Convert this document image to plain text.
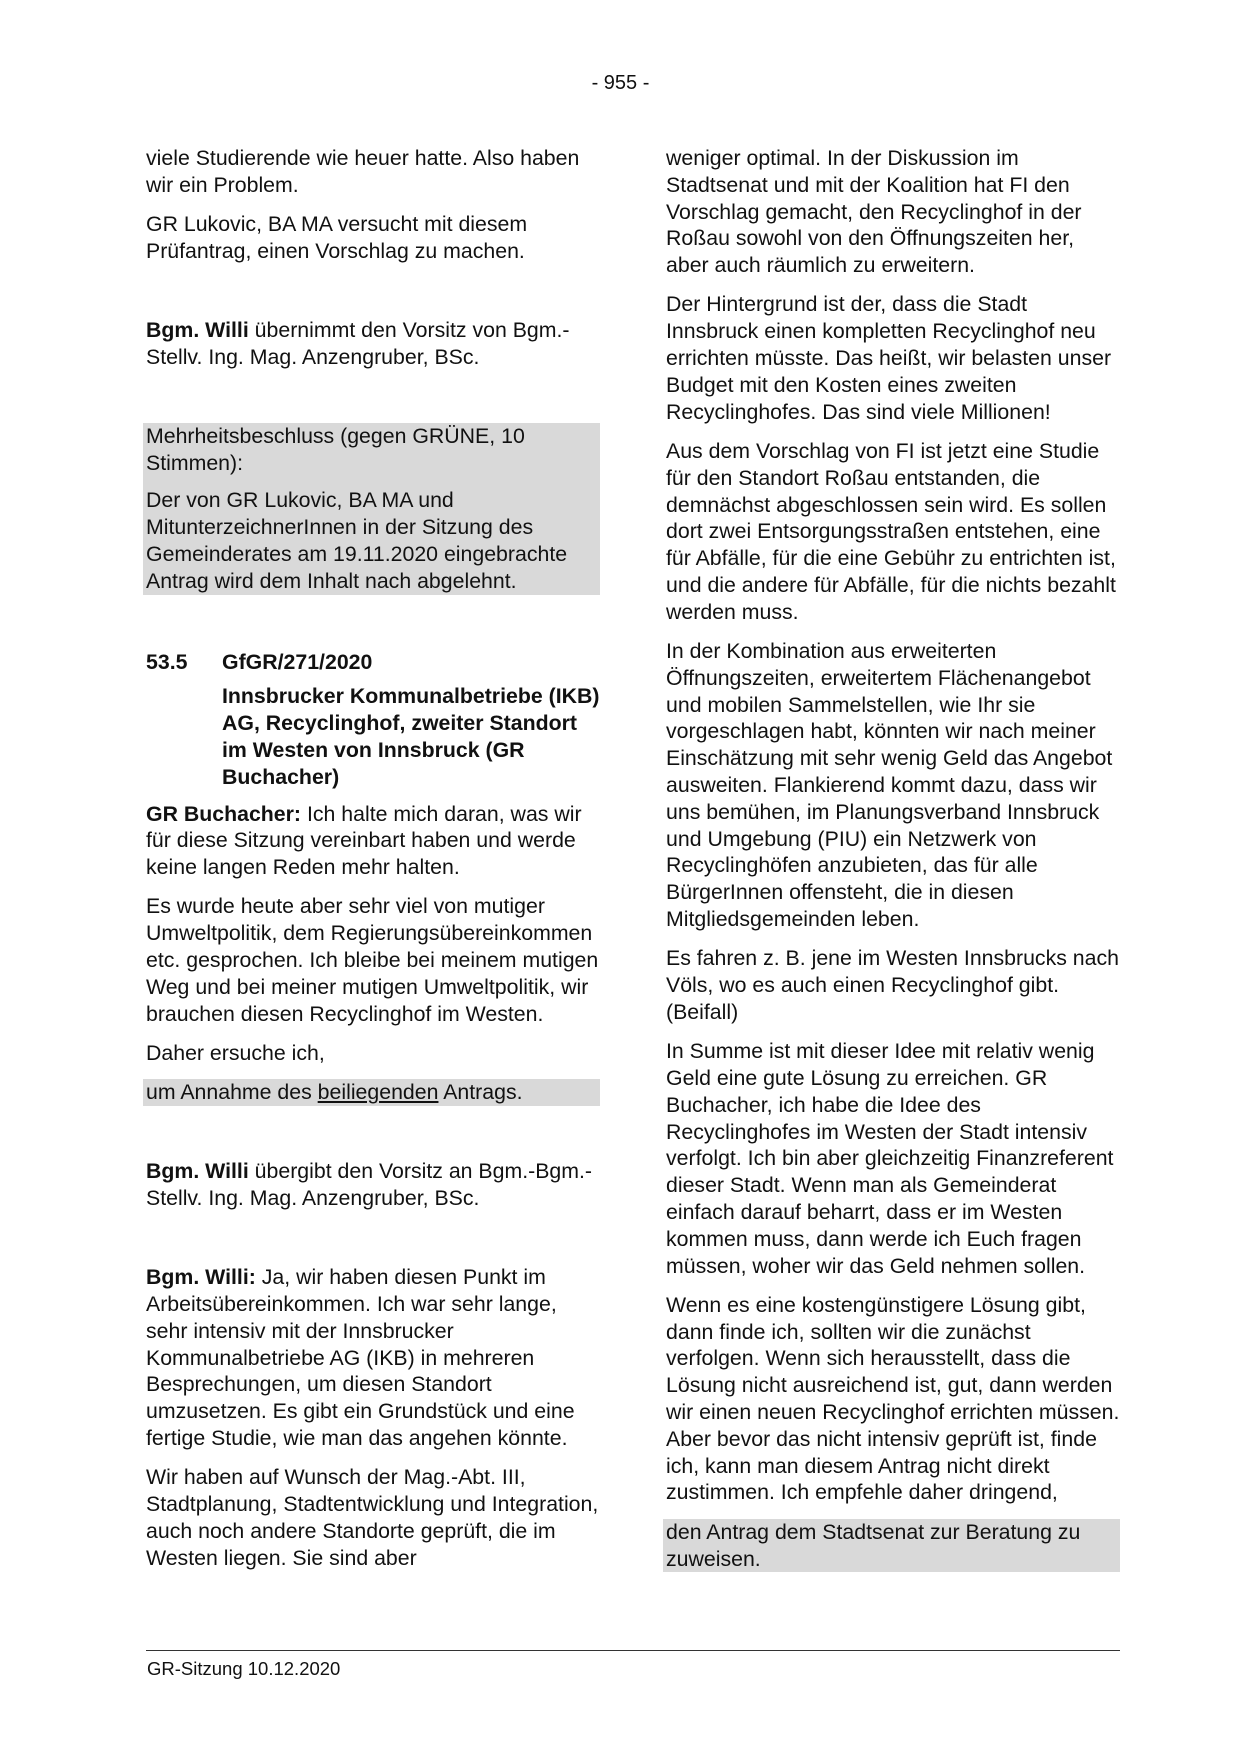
- 955 -

viele Studierende wie heuer hatte. Also haben wir ein Problem.

GR Lukovic, BA MA versucht mit diesem Prüfantrag, einen Vorschlag zu machen.

Bgm. Willi übernimmt den Vorsitz von Bgm.-Stellv. Ing. Mag. Anzengruber, BSc.

Mehrheitsbeschluss (gegen GRÜNE, 10 Stimmen):

Der von GR Lukovic, BA MA und MitunterzeichnerInnen in der Sitzung des Gemeinderates am 19.11.2020 eingebrachte Antrag wird dem Inhalt nach abgelehnt.

53.5 GfGR/271/2020
Innsbrucker Kommunalbetriebe (IKB) AG, Recyclinghof, zweiter Standort im Westen von Innsbruck (GR Buchacher)

GR Buchacher: Ich halte mich daran, was wir für diese Sitzung vereinbart haben und werde keine langen Reden mehr halten.

Es wurde heute aber sehr viel von mutiger Umweltpolitik, dem Regierungsübereinkommen etc. gesprochen. Ich bleibe bei meinem mutigen Weg und bei meiner mutigen Umweltpolitik, wir brauchen diesen Recyclinghof im Westen.

Daher ersuche ich,

um Annahme des beiliegenden Antrags.

Bgm. Willi übergibt den Vorsitz an Bgm.-Bgm.-Stellv. Ing. Mag. Anzengruber, BSc.

Bgm. Willi: Ja, wir haben diesen Punkt im Arbeitsübereinkommen. Ich war sehr lange, sehr intensiv mit der Innsbrucker Kommunalbetriebe AG (IKB) in mehreren Besprechungen, um diesen Standort umzusetzen. Es gibt ein Grundstück und eine fertige Studie, wie man das angehen könnte.

Wir haben auf Wunsch der Mag.-Abt. III, Stadtplanung, Stadtentwicklung und Integration, auch noch andere Standorte geprüft, die im Westen liegen. Sie sind aber

weniger optimal. In der Diskussion im Stadtsenat und mit der Koalition hat FI den Vorschlag gemacht, den Recyclinghof in der Roßau sowohl von den Öffnungszeiten her, aber auch räumlich zu erweitern.

Der Hintergrund ist der, dass die Stadt Innsbruck einen kompletten Recyclinghof neu errichten müsste. Das heißt, wir belasten unser Budget mit den Kosten eines zweiten Recyclinghofes. Das sind viele Millionen!

Aus dem Vorschlag von FI ist jetzt eine Studie für den Standort Roßau entstanden, die demnächst abgeschlossen sein wird. Es sollen dort zwei Entsorgungsstraßen entstehen, eine für Abfälle, für die eine Gebühr zu entrichten ist, und die andere für Abfälle, für die nichts bezahlt werden muss.

In der Kombination aus erweiterten Öffnungszeiten, erweitertem Flächenangebot und mobilen Sammelstellen, wie Ihr sie vorgeschlagen habt, könnten wir nach meiner Einschätzung mit sehr wenig Geld das Angebot ausweiten. Flankierend kommt dazu, dass wir uns bemühen, im Planungsverband Innsbruck und Umgebung (PIU) ein Netzwerk von Recyclinghöfen anzubieten, das für alle BürgerInnen offensteht, die in diesen Mitgliedsgemeinden leben.

Es fahren z. B. jene im Westen Innsbrucks nach Völs, wo es auch einen Recyclinghof gibt. (Beifall)

In Summe ist mit dieser Idee mit relativ wenig Geld eine gute Lösung zu erreichen. GR Buchacher, ich habe die Idee des Recyclinghofes im Westen der Stadt intensiv verfolgt. Ich bin aber gleichzeitig Finanzreferent dieser Stadt. Wenn man als Gemeinderat einfach darauf beharrt, dass er im Westen kommen muss, dann werde ich Euch fragen müssen, woher wir das Geld nehmen sollen.

Wenn es eine kostengünstigere Lösung gibt, dann finde ich, sollten wir die zunächst verfolgen. Wenn sich herausstellt, dass die Lösung nicht ausreichend ist, gut, dann werden wir einen neuen Recyclinghof errichten müssen. Aber bevor das nicht intensiv geprüft ist, finde ich, kann man diesem Antrag nicht direkt zustimmen. Ich empfehle daher dringend,

den Antrag dem Stadtsenat zur Beratung zu zuweisen.

GR-Sitzung 10.12.2020
